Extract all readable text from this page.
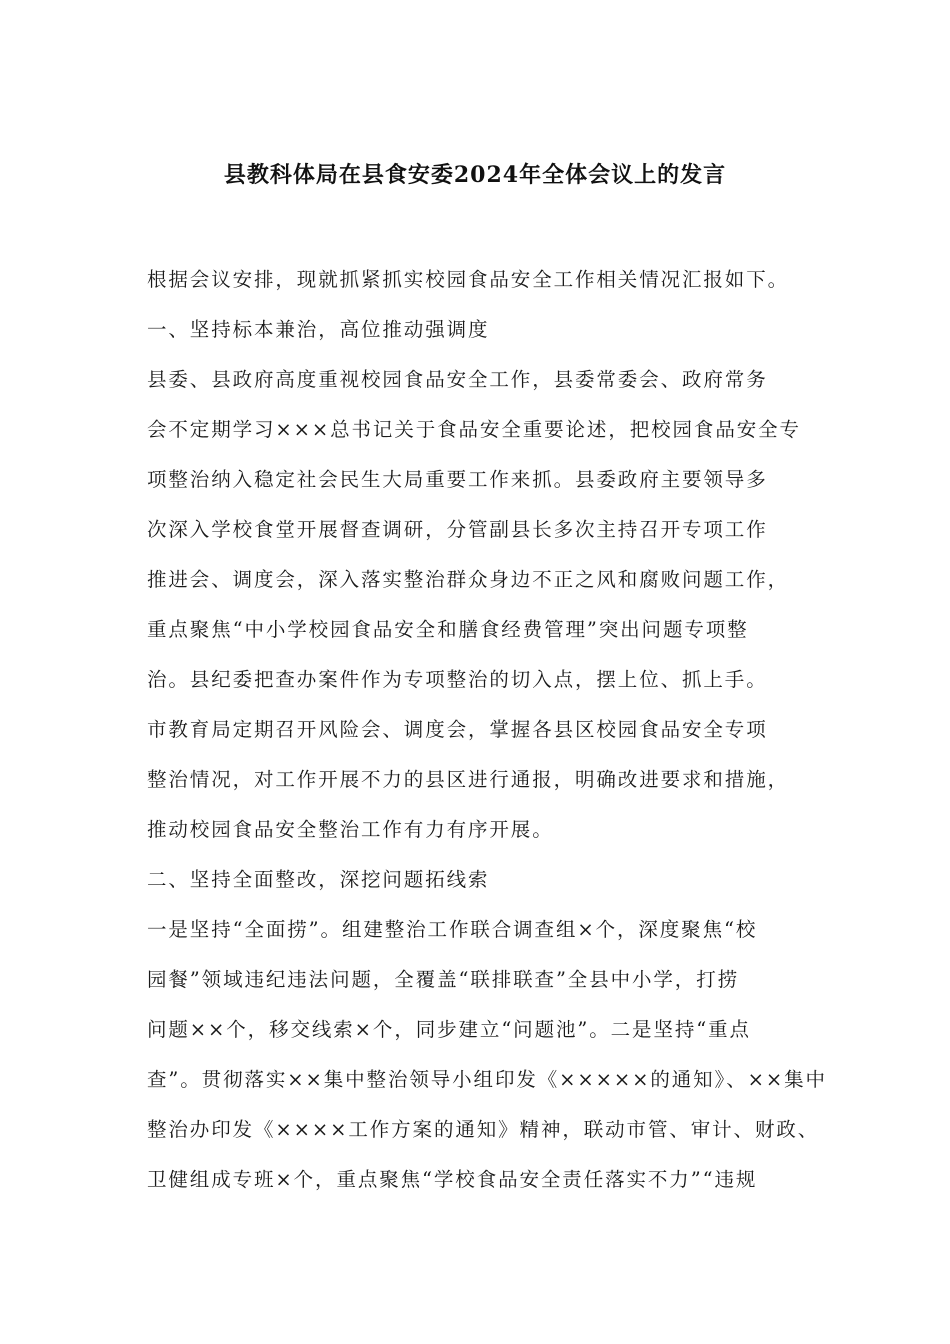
县教科体局在县食安委2024年全体会议上的发言
根据会议安排，现就抓紧抓实校园食品安全工作相关情况汇报如下。
一、坚持标本兼治，高位推动强调度
县委、县政府高度重视校园食品安全工作，县委常委会、政府常务
会不定期学习×××总书记关于食品安全重要论述，把校园食品安全专
项整治纳入稳定社会民生大局重要工作来抓。县委政府主要领导多
次深入学校食堂开展督查调研，分管副县长多次主持召开专项工作
推进会、调度会，深入落实整治群众身边不正之风和腐败问题工作，
重点聚焦“中小学校园食品安全和膳食经费管理”突出问题专项整
治。县纪委把查办案件作为专项整治的切入点，摆上位、抓上手。
市教育局定期召开风险会、调度会，掌握各县区校园食品安全专项
整治情况，对工作开展不力的县区进行通报，明确改进要求和措施，
推动校园食品安全整治工作有力有序开展。
二、坚持全面整改，深挖问题拓线索
一是坚持“全面捞”。组建整治工作联合调查组×个，深度聚焦“校
园餐”领域违纪违法问题，全覆盖“联排联查”全县中小学，打捞
问题××个，移交线索×个，同步建立“问题池”。二是坚持“重点
查”。贯彻落实××集中整治领导小组印发《×××××的通知》、××集中
整治办印发《××××工作方案的通知》精神，联动市管、审计、财政、
卫健组成专班×个，重点聚焦“学校食品安全责任落实不力”“违规
